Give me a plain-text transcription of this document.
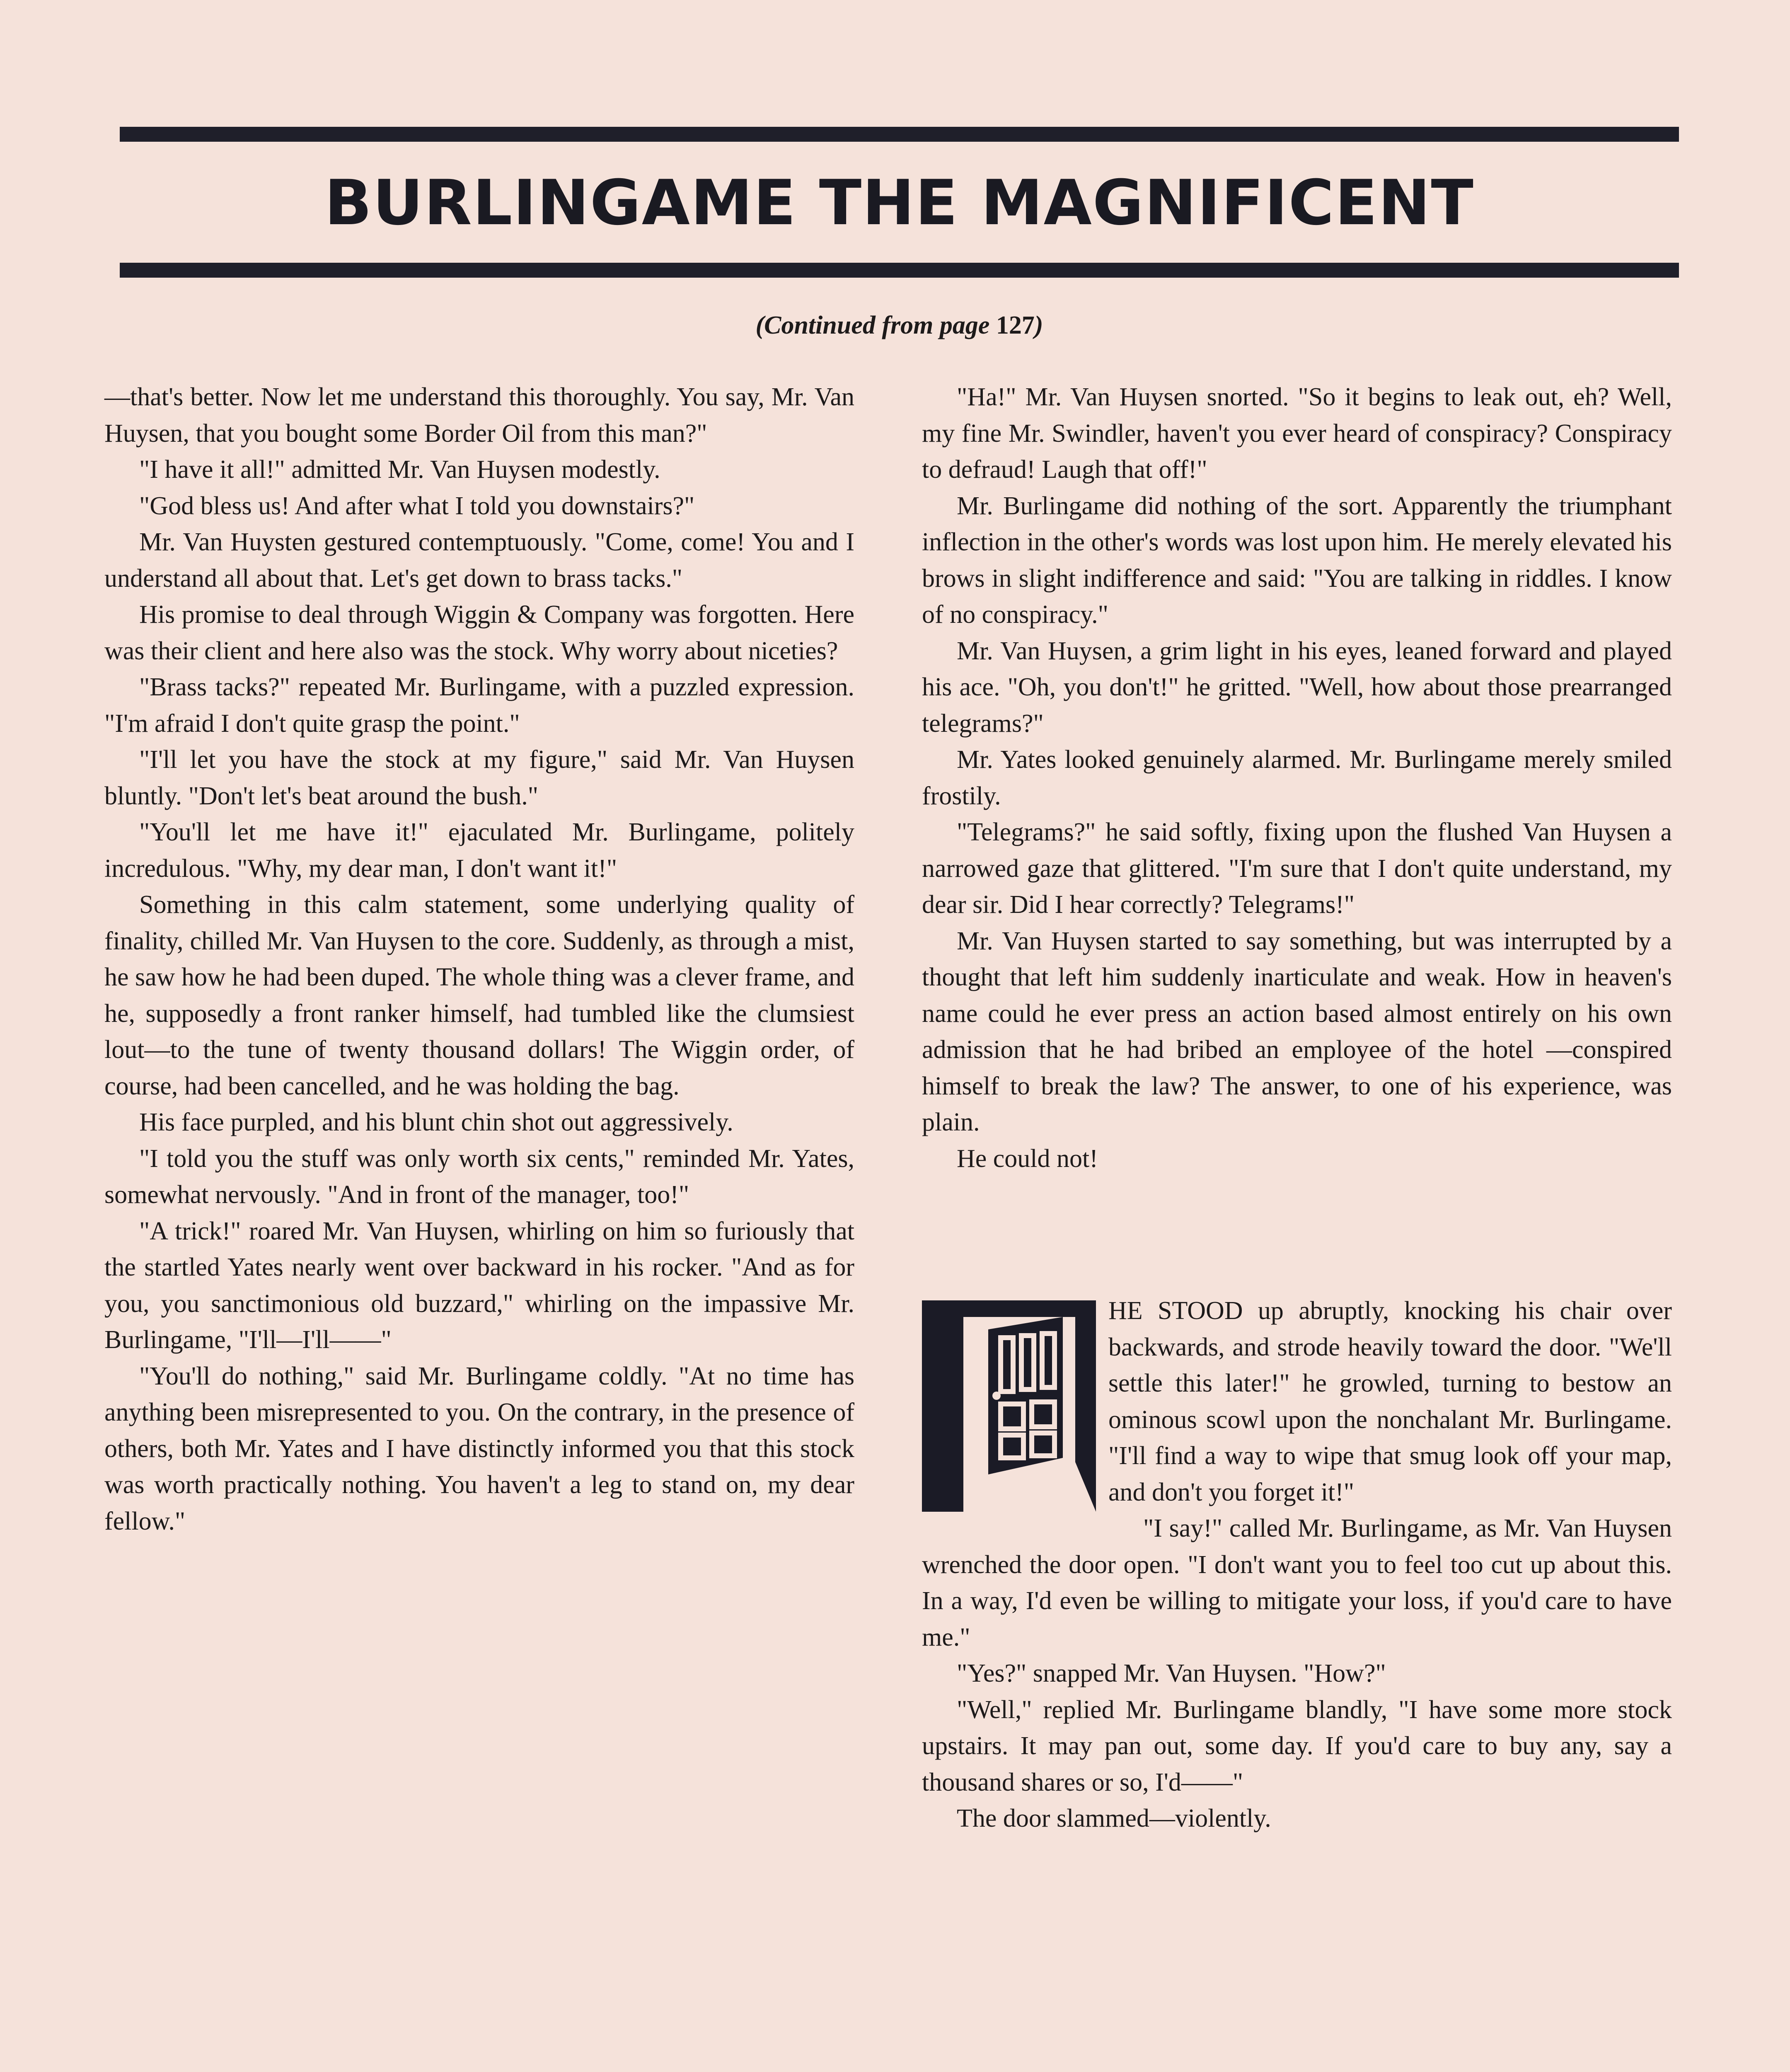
BURLINGAME THE MAGNIFICENT
(Continued from page 127)

—that's better. Now let me understand this thoroughly. You say, Mr. Van Huysen, that you bought some Border Oil from this man?"

"I have it all!" admitted Mr. Van Huysen modestly.

"God bless us! And after what I told you downstairs?"

Mr. Van Huysten gestured contemptuously. "Come, come! You and I understand all about that. Let's get down to brass tacks."

His promise to deal through Wiggin & Company was forgotten. Here was their client and here also was the stock. Why worry about niceties?

"Brass tacks?" repeated Mr. Burlingame, with a puzzled expression. "I'm afraid I don't quite grasp the point."

"I'll let you have the stock at my figure," said Mr. Van Huysen bluntly. "Don't let's beat around the bush."

"You'll let me have it!" ejaculated Mr. Burlingame, politely incredulous. "Why, my dear man, I don't want it!"

Something in this calm statement, some underlying quality of finality, chilled Mr. Van Huysen to the core. Suddenly, as through a mist, he saw how he had been duped. The whole thing was a clever frame, and he, supposedly a front ranker himself, had tumbled like the clumsiest lout—to the tune of twenty thousand dollars! The Wiggin order, of course, had been cancelled, and he was holding the bag.

His face purpled, and his blunt chin shot out aggressively.

"I told you the stuff was only worth six cents," reminded Mr. Yates, somewhat nervously. "And in front of the manager, too!"

"A trick!" roared Mr. Van Huysen, whirling on him so furiously that the startled Yates nearly went over backward in his rocker. "And as for you, you sanctimonious old buzzard," whirling on the impassive Mr. Burlingame, "I'll—I'll——"

"You'll do nothing," said Mr. Burlingame coldly. "At no time has anything been misrepresented to you. On the contrary, in the presence of others, both Mr. Yates and I have distinctly informed you that this stock was worth practically nothing. You haven't a leg to stand on, my dear fellow."

"Ha!" Mr. Van Huysen snorted. "So it begins to leak out, eh? Well, my fine Mr. Swindler, haven't you ever heard of conspiracy? Conspiracy to defraud! Laugh that off!"

Mr. Burlingame did nothing of the sort. Apparently the triumphant inflection in the other's words was lost upon him. He merely elevated his brows in slight indifference and said: "You are talking in riddles. I know of no conspiracy."

Mr. Van Huysen, a grim light in his eyes, leaned forward and played his ace. "Oh, you don't!" he gritted. "Well, how about those prearranged telegrams?"

Mr. Yates looked genuinely alarmed. Mr. Burlingame merely smiled frostily.

"Telegrams?" he said softly, fixing upon the flushed Van Huysen a narrowed gaze that glittered. "I'm sure that I don't quite understand, my dear sir. Did I hear correctly? Telegrams!"

Mr. Van Huysen started to say something, but was interrupted by a thought that left him suddenly inarticulate and weak. How in heaven's name could he ever press an action based almost entirely on his own admission that he had bribed an employee of the hotel —conspired himself to break the law? The answer, to one of his experience, was plain.

He could not!

HE STOOD up abruptly, knocking his chair over backwards, and strode heavily toward the door. "We'll settle this later!" he growled, turning to bestow an ominous scowl upon the nonchalant Mr. Burlingame. "I'll find a way to wipe that smug look off your map, and don't you forget it!"

"I say!" called Mr. Burlingame, as Mr. Van Huysen wrenched the door open. "I don't want you to feel too cut up about this. In a way, I'd even be willing to mitigate your loss, if you'd care to have me."

"Yes?" snapped Mr. Van Huysen. "How?"

"Well," replied Mr. Burlingame blandly, "I have some more stock upstairs. It may pan out, some day. If you'd care to buy any, say a thousand shares or so, I'd——"

The door slammed—violently.
